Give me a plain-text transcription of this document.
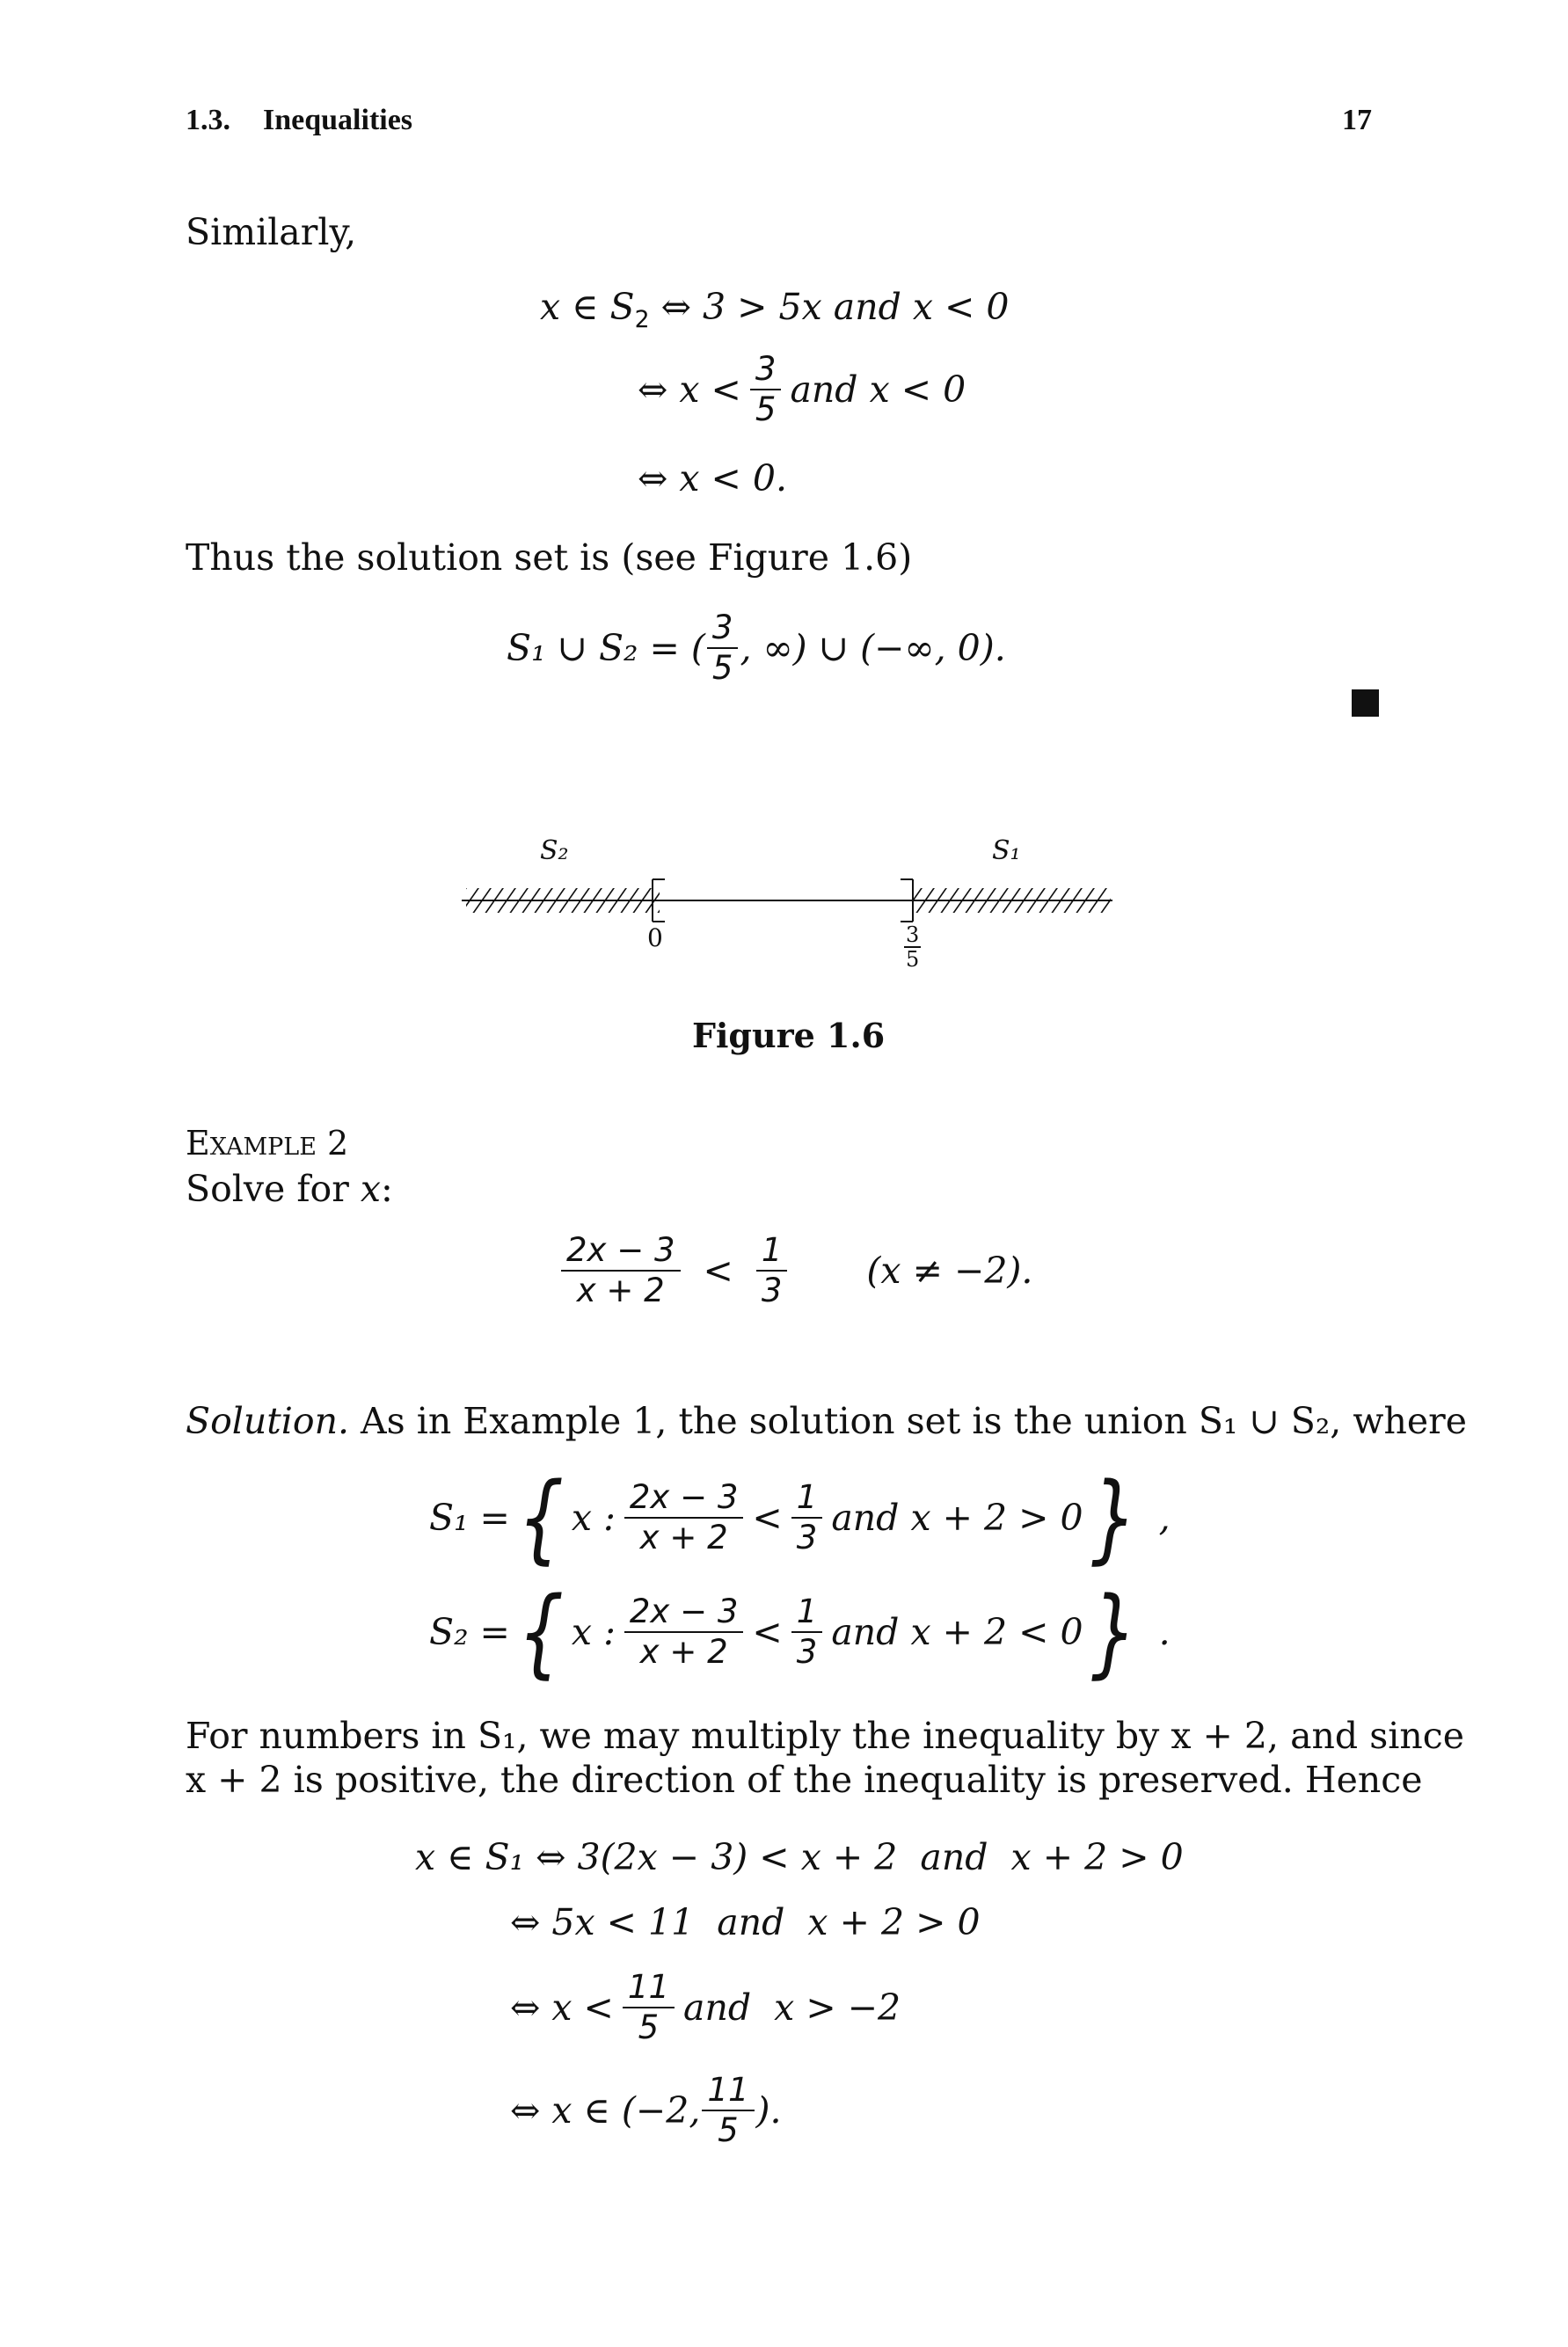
1.3. Inequalities	17
Similarly,
x ∈ $S_2$ ⇔ 3 > 5x and x < 0
⇔ $x < \frac{3}{5}$ and x < 0
⇔ x < 0.
Thus the solution set is (see Figure 1.6)
S₁ ∪ S₂ = ( $\frac{3}{5}$ , ∞) ∪ (−∞, 0).
S₂	S₁
0	3
5
Figure 1.6
Example 2
Solve for x:
$\frac{2x - 3}{x + 2} < \frac{1}{3} (x \ne -2)$.
Solution. As in Example 1, the solution set is the union S₁ ∪ S₂, where
S₁ = { x : $\frac{2x - 3}{x + 2} < \frac{1}{3}$ and x + 2 > 0 } ,
S₂ = { x : $\frac{2x - 3}{x + 2} < \frac{1}{3}$ and x + 2 < 0 } .
For numbers in S₁, we may multiply the inequality by x + 2, and since
x + 2 is positive, the direction of the inequality is preserved. Hence
x ∈ S₁ ⇔ 3(2x − 3) < x + 2  and  x + 2 > 0
⇔ 5x < 11  and  x + 2 > 0
⇔ $x < \frac{11}{5}$ and  x > −2
⇔ x ∈ (−2, $\frac{11}{5}$ ).
